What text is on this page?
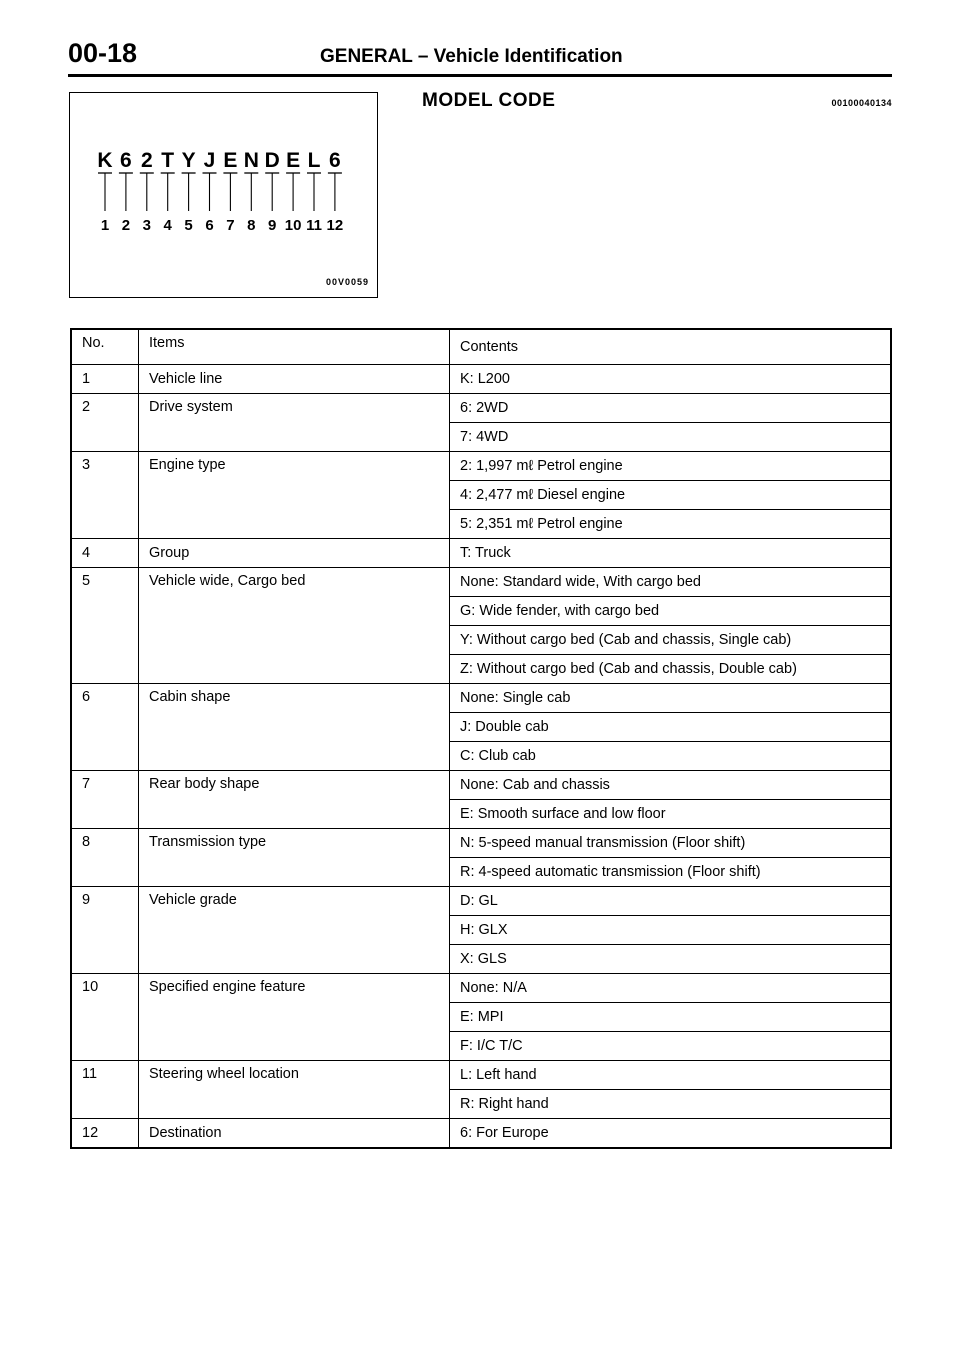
00-18	GENERAL – Vehicle Identification
K
1
6
2
2
3
T
4
Y
5
J
6
E
7
N
8
D
9
E
10
L
11
6
12
00V0059
MODEL CODE	00100040134
No.	Items	Contents
1	Vehicle line	K: L200
2	Drive system	6: 2WD
		7: 4WD
3	Engine type	2: 1,997 mℓ Petrol engine
		4: 2,477 mℓ Diesel engine
		5: 2,351 mℓ Petrol engine
4	Group	T: Truck
5	Vehicle wide, Cargo bed	None: Standard wide, With cargo bed
		G: Wide fender, with cargo bed
		Y: Without cargo bed (Cab and chassis, Single cab)
		Z: Without cargo bed (Cab and chassis, Double cab)
6	Cabin shape	None: Single cab
		J: Double cab
		C: Club cab
7	Rear body shape	None: Cab and chassis
		E: Smooth surface and low floor
8	Transmission type	N: 5-speed manual transmission (Floor shift)
		R: 4-speed automatic transmission (Floor shift)
9	Vehicle grade	D: GL
		H: GLX
		X: GLS
10	Specified engine feature	None: N/A
		E: MPI
		F: I/C T/C
11	Steering wheel location	L: Left hand
		R: Right hand
12	Destination	6: For Europe
